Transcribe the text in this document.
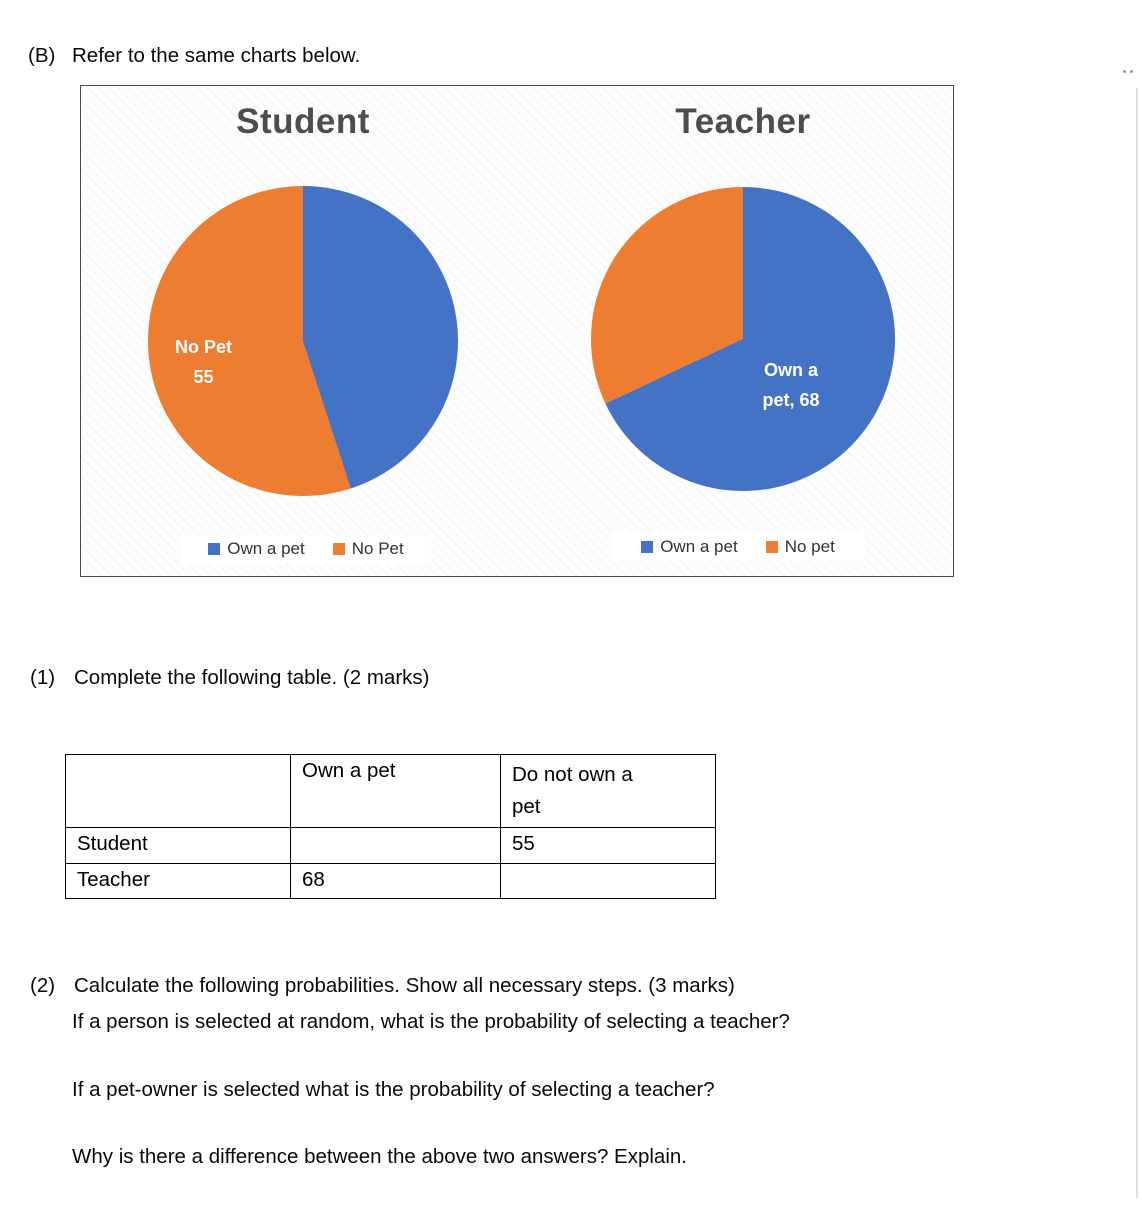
(B) Refer to the same charts below.
Student	Teacher
No Pet
55	Own a
pet, 68
Own a pet	No Pet	Own a pet	No pet
(1) Complete the following table. (2 marks)
	Own a pet	Do not own a pet
Student		55
Teacher	68	
(2) Calculate the following probabilities. Show all necessary steps. (3 marks)
If a person is selected at random, what is the probability of selecting a teacher?
If a pet-owner is selected what is the probability of selecting a teacher?
Why is there a difference between the above two answers? Explain.
